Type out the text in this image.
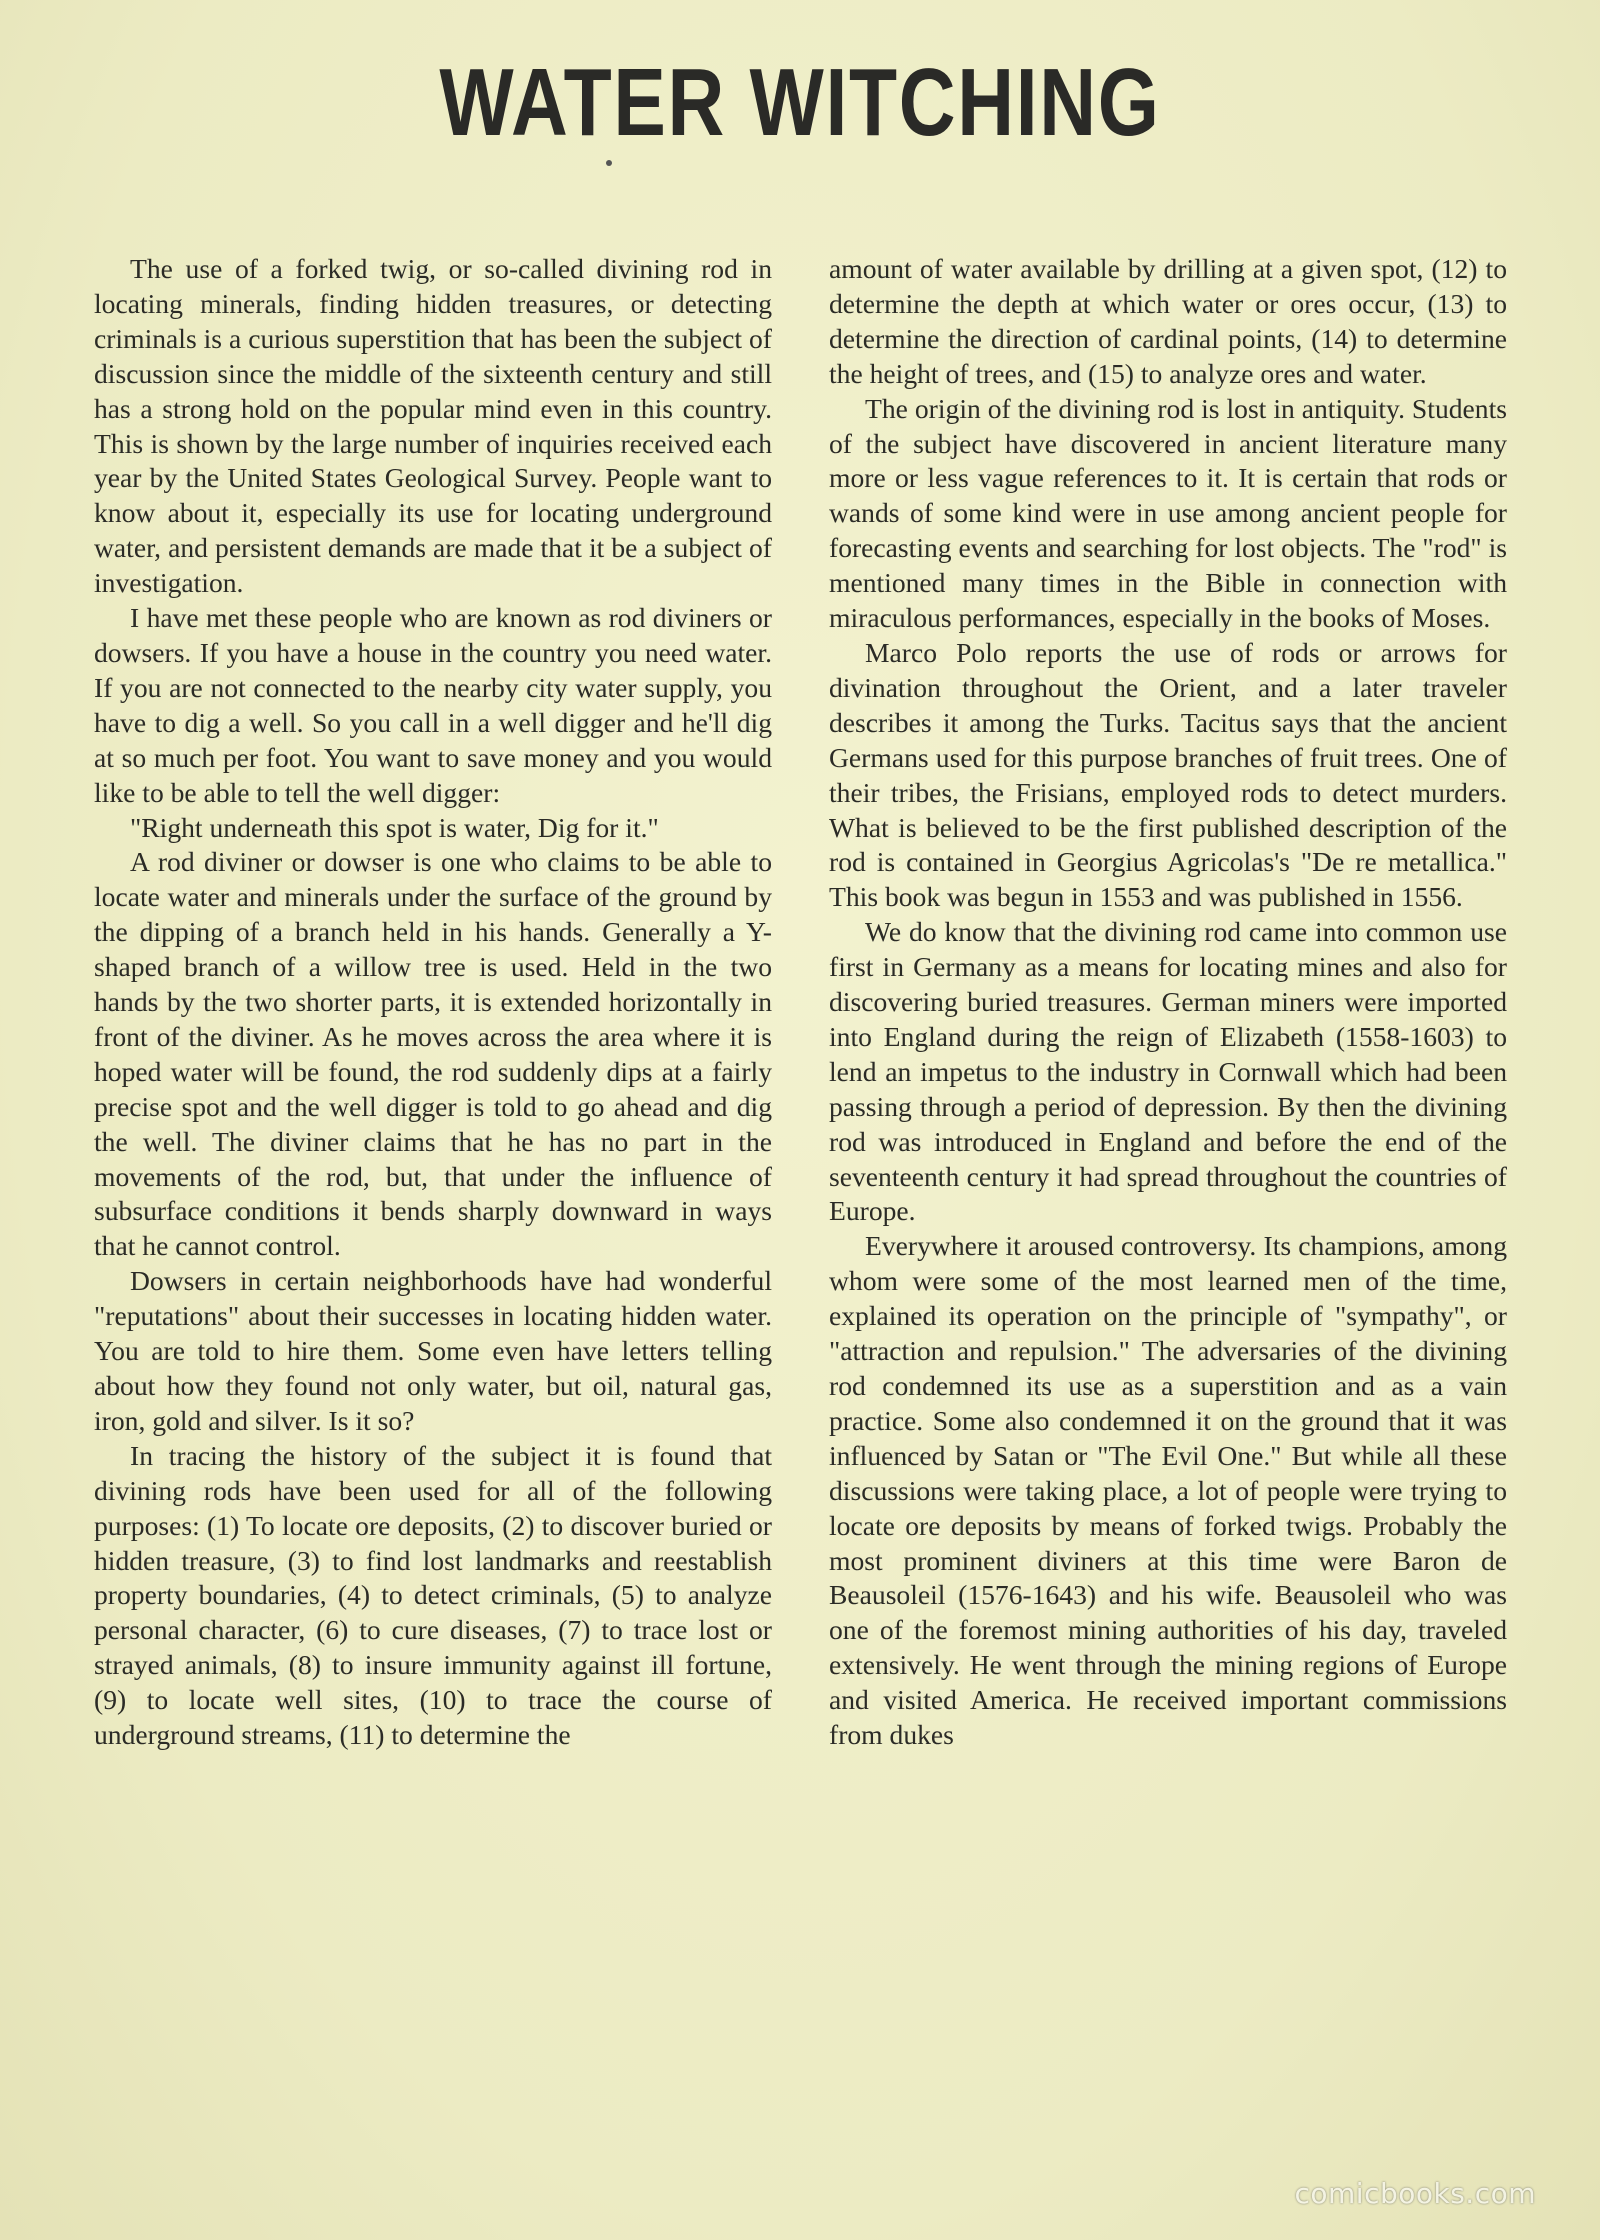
WATER WITCHING

The use of a forked twig, or so-called divining rod in locating minerals, finding hidden treasures, or detecting criminals is a curious superstition that has been the subject of discussion since the middle of the sixteenth century and still has a strong hold on the popular mind even in this country. This is shown by the large number of inquiries received each year by the United States Geological Survey. People want to know about it, especially its use for locating underground water, and persistent demands are made that it be a subject of investigation.

I have met these people who are known as rod diviners or dowsers. If you have a house in the country you need water. If you are not connected to the nearby city water supply, you have to dig a well. So you call in a well digger and he'll dig at so much per foot. You want to save money and you would like to be able to tell the well digger:

"Right underneath this spot is water, Dig for it."

A rod diviner or dowser is one who claims to be able to locate water and minerals under the surface of the ground by the dipping of a branch held in his hands. Generally a Y-shaped branch of a willow tree is used. Held in the two hands by the two shorter parts, it is extended horizontally in front of the diviner. As he moves across the area where it is hoped water will be found, the rod suddenly dips at a fairly precise spot and the well digger is told to go ahead and dig the well. The diviner claims that he has no part in the movements of the rod, but, that under the influence of subsurface conditions it bends sharply downward in ways that he cannot control.

Dowsers in certain neighborhoods have had wonderful "reputations" about their successes in locating hidden water. You are told to hire them. Some even have letters telling about how they found not only water, but oil, natural gas, iron, gold and silver. Is it so?

In tracing the history of the subject it is found that divining rods have been used for all of the following purposes: (1) To locate ore deposits, (2) to discover buried or hidden treasure, (3) to find lost landmarks and reestablish property boundaries, (4) to detect criminals, (5) to analyze personal character, (6) to cure diseases, (7) to trace lost or strayed animals, (8) to insure immunity against ill fortune, (9) to locate well sites, (10) to trace the course of underground streams, (11) to determine the

amount of water available by drilling at a given spot, (12) to determine the depth at which water or ores occur, (13) to determine the direction of cardinal points, (14) to determine the height of trees, and (15) to analyze ores and water.

The origin of the divining rod is lost in antiquity. Students of the subject have discovered in ancient literature many more or less vague references to it. It is certain that rods or wands of some kind were in use among ancient people for forecasting events and searching for lost objects. The "rod" is mentioned many times in the Bible in connection with miraculous performances, especially in the books of Moses.

Marco Polo reports the use of rods or arrows for divination throughout the Orient, and a later traveler describes it among the Turks. Tacitus says that the ancient Germans used for this purpose branches of fruit trees. One of their tribes, the Frisians, employed rods to detect murders. What is believed to be the first published description of the rod is contained in Georgius Agricolas's "De re metallica." This book was begun in 1553 and was published in 1556.

We do know that the divining rod came into common use first in Germany as a means for locating mines and also for discovering buried treasures. German miners were imported into England during the reign of Elizabeth (1558-1603) to lend an impetus to the industry in Cornwall which had been passing through a period of depression. By then the divining rod was introduced in England and before the end of the seventeenth century it had spread throughout the countries of Europe.

Everywhere it aroused controversy. Its champions, among whom were some of the most learned men of the time, explained its operation on the principle of "sympathy", or "attraction and repulsion." The adversaries of the divining rod condemned its use as a superstition and as a vain practice. Some also condemned it on the ground that it was influenced by Satan or "The Evil One." But while all these discussions were taking place, a lot of people were trying to locate ore deposits by means of forked twigs. Probably the most prominent diviners at this time were Baron de Beausoleil (1576-1643) and his wife. Beausoleil who was one of the foremost mining authorities of his day, traveled extensively. He went through the mining regions of Europe and visited America. He received important commissions from dukes

comicbooks.com
